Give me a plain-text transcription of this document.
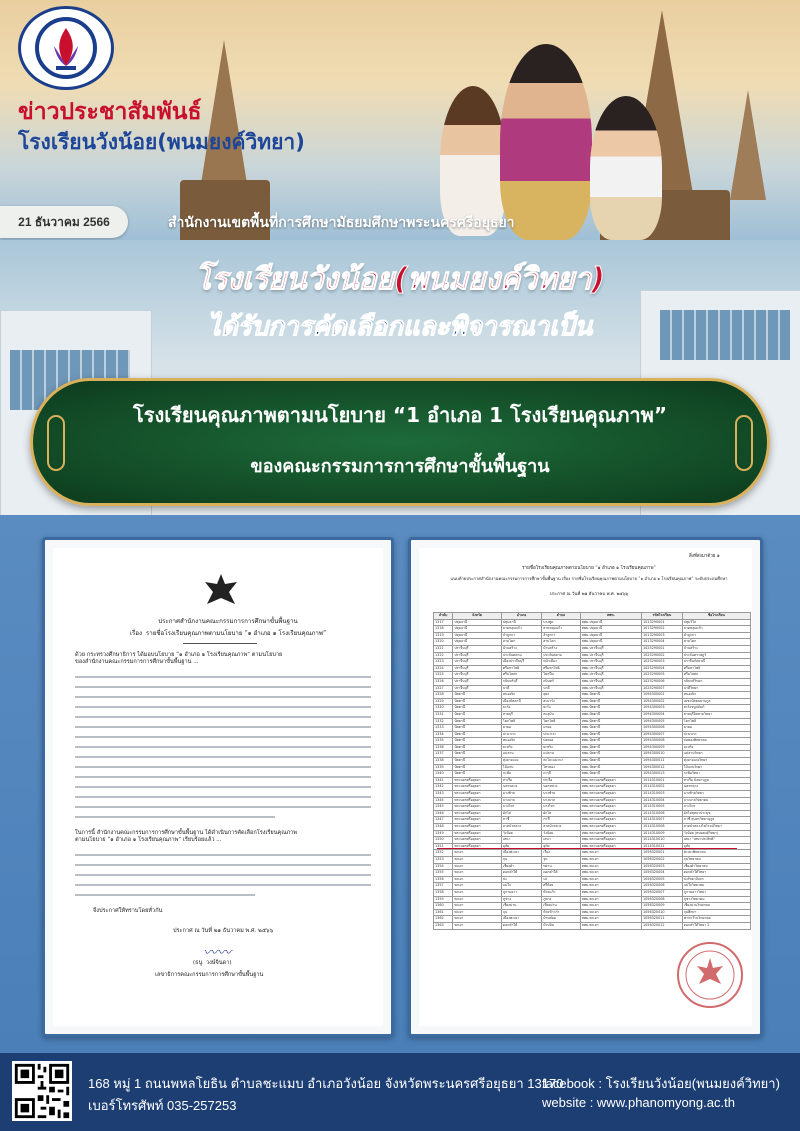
ข่าวประชาสัมพันธ์
โรงเรียนวังน้อย(พนมยงค์วิทยา)
21 ธันวาคม 2566	สำนักงานเขตพื้นที่การศึกษามัธยมศึกษาพระนครศรีอยุธยา
โรงเรียนวังน้อย(พนมยงค์วิทยา)
ได้รับการคัดเลือกและพิจารณาเป็น
โรงเรียนคุณภาพตามนโยบาย “1 อำเภอ 1 โรงเรียนคุณภาพ”
ของคณะกรรมการการศึกษาขั้นพื้นฐาน
ประกาศสำนักงานคณะกรรมการการศึกษาขั้นพื้นฐาน
เรื่อง  รายชื่อโรงเรียนคุณภาพตามนโยบาย “๑ อำเภอ ๑ โรงเรียนคุณภาพ”
ด้วย กระทรวงศึกษาธิการ ได้มอบนโยบาย “๑ อำเภอ ๑ โรงเรียนคุณภาพ” ตามนโยบาย
ของสำนักงานคณะกรรมการการศึกษาขั้นพื้นฐาน ...
ในการนี้ สำนักงานคณะกรรมการการศึกษาขั้นพื้นฐาน ได้ดำเนินการคัดเลือกโรงเรียนคุณภาพ
ตามนโยบาย “๑ อำเภอ ๑ โรงเรียนคุณภาพ” เรียบร้อยแล้ว ...
จึงประกาศให้ทราบโดยทั่วกัน
ประกาศ ณ วันที่ ๒๑ ธันวาคม พ.ศ. ๒๕๖๖
〰〰
(ธนู  วงษ์จินดา)
เลขาธิการคณะกรรมการการศึกษาขั้นพื้นฐาน
สิ่งที่ส่งมาด้วย ๑
รายชื่อโรงเรียนคุณภาพตามนโยบาย “๑ อำเภอ ๑ โรงเรียนคุณภาพ”
แนบท้ายประกาศสำนักงานคณะกรรมการการศึกษาขั้นพื้นฐาน เรื่อง รายชื่อโรงเรียนคุณภาพตามนโยบาย “๑ อำเภอ ๑ โรงเรียนคุณภาพ” ระดับประถมศึกษา
ประกาศ ณ วันที่ ๒๑ ธันวาคม พ.ศ. ๒๕๖๖
ลำดับ	จังหวัด	อำเภอ	ตำบล	สพท.	รหัสโรงเรียน	ชื่อโรงเรียน
1317	ปทุมธานี	ปทุมธานี	บางพูด	สพม.ปทุมธานี	1013290001	ปทุมวิไล
1318	ปทุมธานี	ลาดหลุมแก้ว	ลาดหลุมแก้ว	สพม.ปทุมธานี	1013290002	ลาดหลุมแก้ว
1319	ปทุมธานี	ลำลูกกา	ลำลูกกา	สพม.ปทุมธานี	1013290003	ลำลูกกา
1320	ปทุมธานี	สามโคก	สามโคก	สพม.ปทุมธานี	1013290004	สามโคก
1321	ปราจีนบุรี	บ้านสร้าง	บ้านสร้าง	สพม.ปราจีนบุรี	1025290001	บ้านสร้าง
1322	ปราจีนบุรี	ประจันตคาม	ประจันตคาม	สพม.ปราจีนบุรี	1025290002	ประจันตราษฎร์
1323	ปราจีนบุรี	เมืองปราจีนบุรี	หน้าเมือง	สพม.ปราจีนบุรี	1025290003	ปราจีนกัลยาณี
1324	ปราจีนบุรี	ศรีมหาโพธิ	ศรีมหาโพธิ	สพม.ปราจีนบุรี	1025290004	ศรีมหาโพธิ
1325	ปราจีนบุรี	ศรีมโหสถ	โคกปีบ	สพม.ปราจีนบุรี	1025290005	ศรีมโหสถ
1326	ปราจีนบุรี	กบินทร์บุรี	กบินทร์	สพม.ปราจีนบุรี	1025290006	กบินทร์วิทยา
1327	ปราจีนบุรี	นาดี	นาดี	สพม.ปราจีนบุรี	1025290007	นาดีวิทยา
1328	ปัตตานี	หนองจิก	ตุยง	สพม.ปัตตานี	1094300001	หนองจิก
1329	ปัตตานี	เมืองปัตตานี	สะบารัง	สพม.ปัตตานี	1094300002	เดชะปัตตนยานุกูล
1330	ปัตตานี	ยะรัง	ยะรัง	สพม.ปัตตานี	1094300003	ยะรังชนูปถัมภ์
1331	ปัตตานี	สายบุรี	ตะลุบัน	สพม.ปัตตานี	1094300004	สายบุรีอิสลามวิทยา
1332	ปัตตานี	โคกโพธิ์	โคกโพธิ์	สพม.ปัตตานี	1094300005	โคกโพธิ์
1333	ปัตตานี	มายอ	มายอ	สพม.ปัตตานี	1094300006	มายอ
1334	ปัตตานี	ปะนาเระ	ปะนาเระ	สพม.ปัตตานี	1094300007	ปะนาเระ
1335	ปัตตานี	หนองจิก	บ่อทอง	สพม.ปัตตานี	1094300008	บ่อทองพิทยาคม
1336	ปัตตานี	ยะหริ่ง	ยะหริ่ง	สพม.ปัตตานี	1094300009	ยะหริ่ง
1337	ปัตตานี	แม่ลาน	แม่ลาน	สพม.ปัตตานี	1094300010	แม่ลานวิทยา
1338	ปัตตานี	ทุ่งยางแดง	ตะโละแมะนา	สพม.ปัตตานี	1094300011	ทุ่งยางแดงวิทยา
1339	ปัตตานี	ไม้แก่น	ไทรทอง	สพม.ปัตตานี	1094300012	ไม้แก่นวิทยา
1340	ปัตตานี	กะพ้อ	กะรุบี	สพม.ปัตตานี	1094300013	กะพ้อวิทยา
1341	พระนครศรีอยุธยา	ท่าเรือ	ท่าเรือ	สพม.พระนครศรีอยุธยา	1014310001	ท่าเรือ นิตยานุกูล
1342	พระนครศรีอยุธยา	นครหลวง	นครหลวง	สพม.พระนครศรีอยุธยา	1014310002	นครหลวง
1343	พระนครศรีอยุธยา	บางซ้าย	บางซ้าย	สพม.พระนครศรีอยุธยา	1014310003	บางซ้ายวิทยา
1344	พระนครศรีอยุธยา	บางบาล	บางบาล	สพม.พระนครศรีอยุธยา	1014310004	บางบาลวิทยาคม
1345	พระนครศรีอยุธยา	บางไทร	บางไทร	สพม.พระนครศรีอยุธยา	1014310005	บางไทร
1346	พระนครศรีอยุธยา	ผักไห่	ผักไห่	สพม.พระนครศรีอยุธยา	1014310006	ผักไห่สุทธาประมุข
1347	พระนครศรีอยุธยา	ภาชี	ภาชี	สพม.พระนครศรีอยุธยา	1014310007	ภาชี สุนทรวิทยานุกูล
1348	พระนครศรีอยุธยา	ลาดบัวหลวง	ลาดบัวหลวง	สพม.พระนครศรีอยุธยา	1014310008	ลาดบัวหลวงไพโรจน์วิทยา
1349	พระนครศรีอยุธยา	วังน้อย	วังน้อย	สพม.พระนครศรีอยุธยา	1014310009	วังน้อย (พนมยงค์วิทยา)
1350	พระนครศรีอยุธยา	เสนา	เสนา	สพม.พระนครศรีอยุธยา	1014310010	เสนา "เสนาประสิทธิ์"
1351	พระนครศรีอยุธยา	อุทัย	อุทัย	สพม.พระนครศรีอยุธยา	1014310011	อุทัย
1352	พะเยา	เมืองพะเยา	เวียง	สพม.พะเยา	1056320001	พะเยาพิทยาคม
1353	พะเยา	จุน	จุน	สพม.พะเยา	1056320002	จุนวิทยาคม
1354	พะเยา	เชียงคำ	หย่วน	สพม.พะเยา	1056320003	เชียงคำวิทยาคม
1355	พะเยา	ดอกคำใต้	ดอกคำใต้	สพม.พะเยา	1056320004	ดอกคำใต้วิทยา
1356	พะเยา	ปง	ปง	สพม.พะเยา	1056320005	ปงรัชดาภิเษก
1357	พะเยา	แม่ใจ	ศรีถ้อย	สพม.พะเยา	1056320006	แม่ใจวิทยาคม
1358	พะเยา	ภูกามยาว	ห้วยแก้ว	สพม.พะเยา	1056320007	ภูกามยาววิทยา
1359	พะเยา	ภูซาง	ภูซาง	สพม.พะเยา	1056320008	ภูซางวิทยาคม
1360	พะเยา	เชียงม่วน	เชียงม่วน	สพม.พะเยา	1056320009	เชียงม่วนวิทยาคม
1361	พะเยา	จุน	ห้วยข้าวก่ำ	สพม.พะเยา	1056320010	จุนศึกษา
1362	พะเยา	เมืองพะเยา	บ้านต๋อม	สพม.พะเยา	1056320011	ฟากกว๊านวิทยาคม
1363	พะเยา	ดอกคำใต้	บ้านปิน	สพม.พะเยา	1056320012	ดอกคำใต้วิทยา 2
168 หมู่ 1 ถนนพหลโยธิน ตำบลชะแมบ อำเภอวังน้อย จังหวัดพระนครศรีอยุธยา 13170
เบอร์โทรศัพท์ 035-257253
facebook : โรงเรียนวังน้อย(พนมยงค์วิทยา)
website : www.phanomyong.ac.th
